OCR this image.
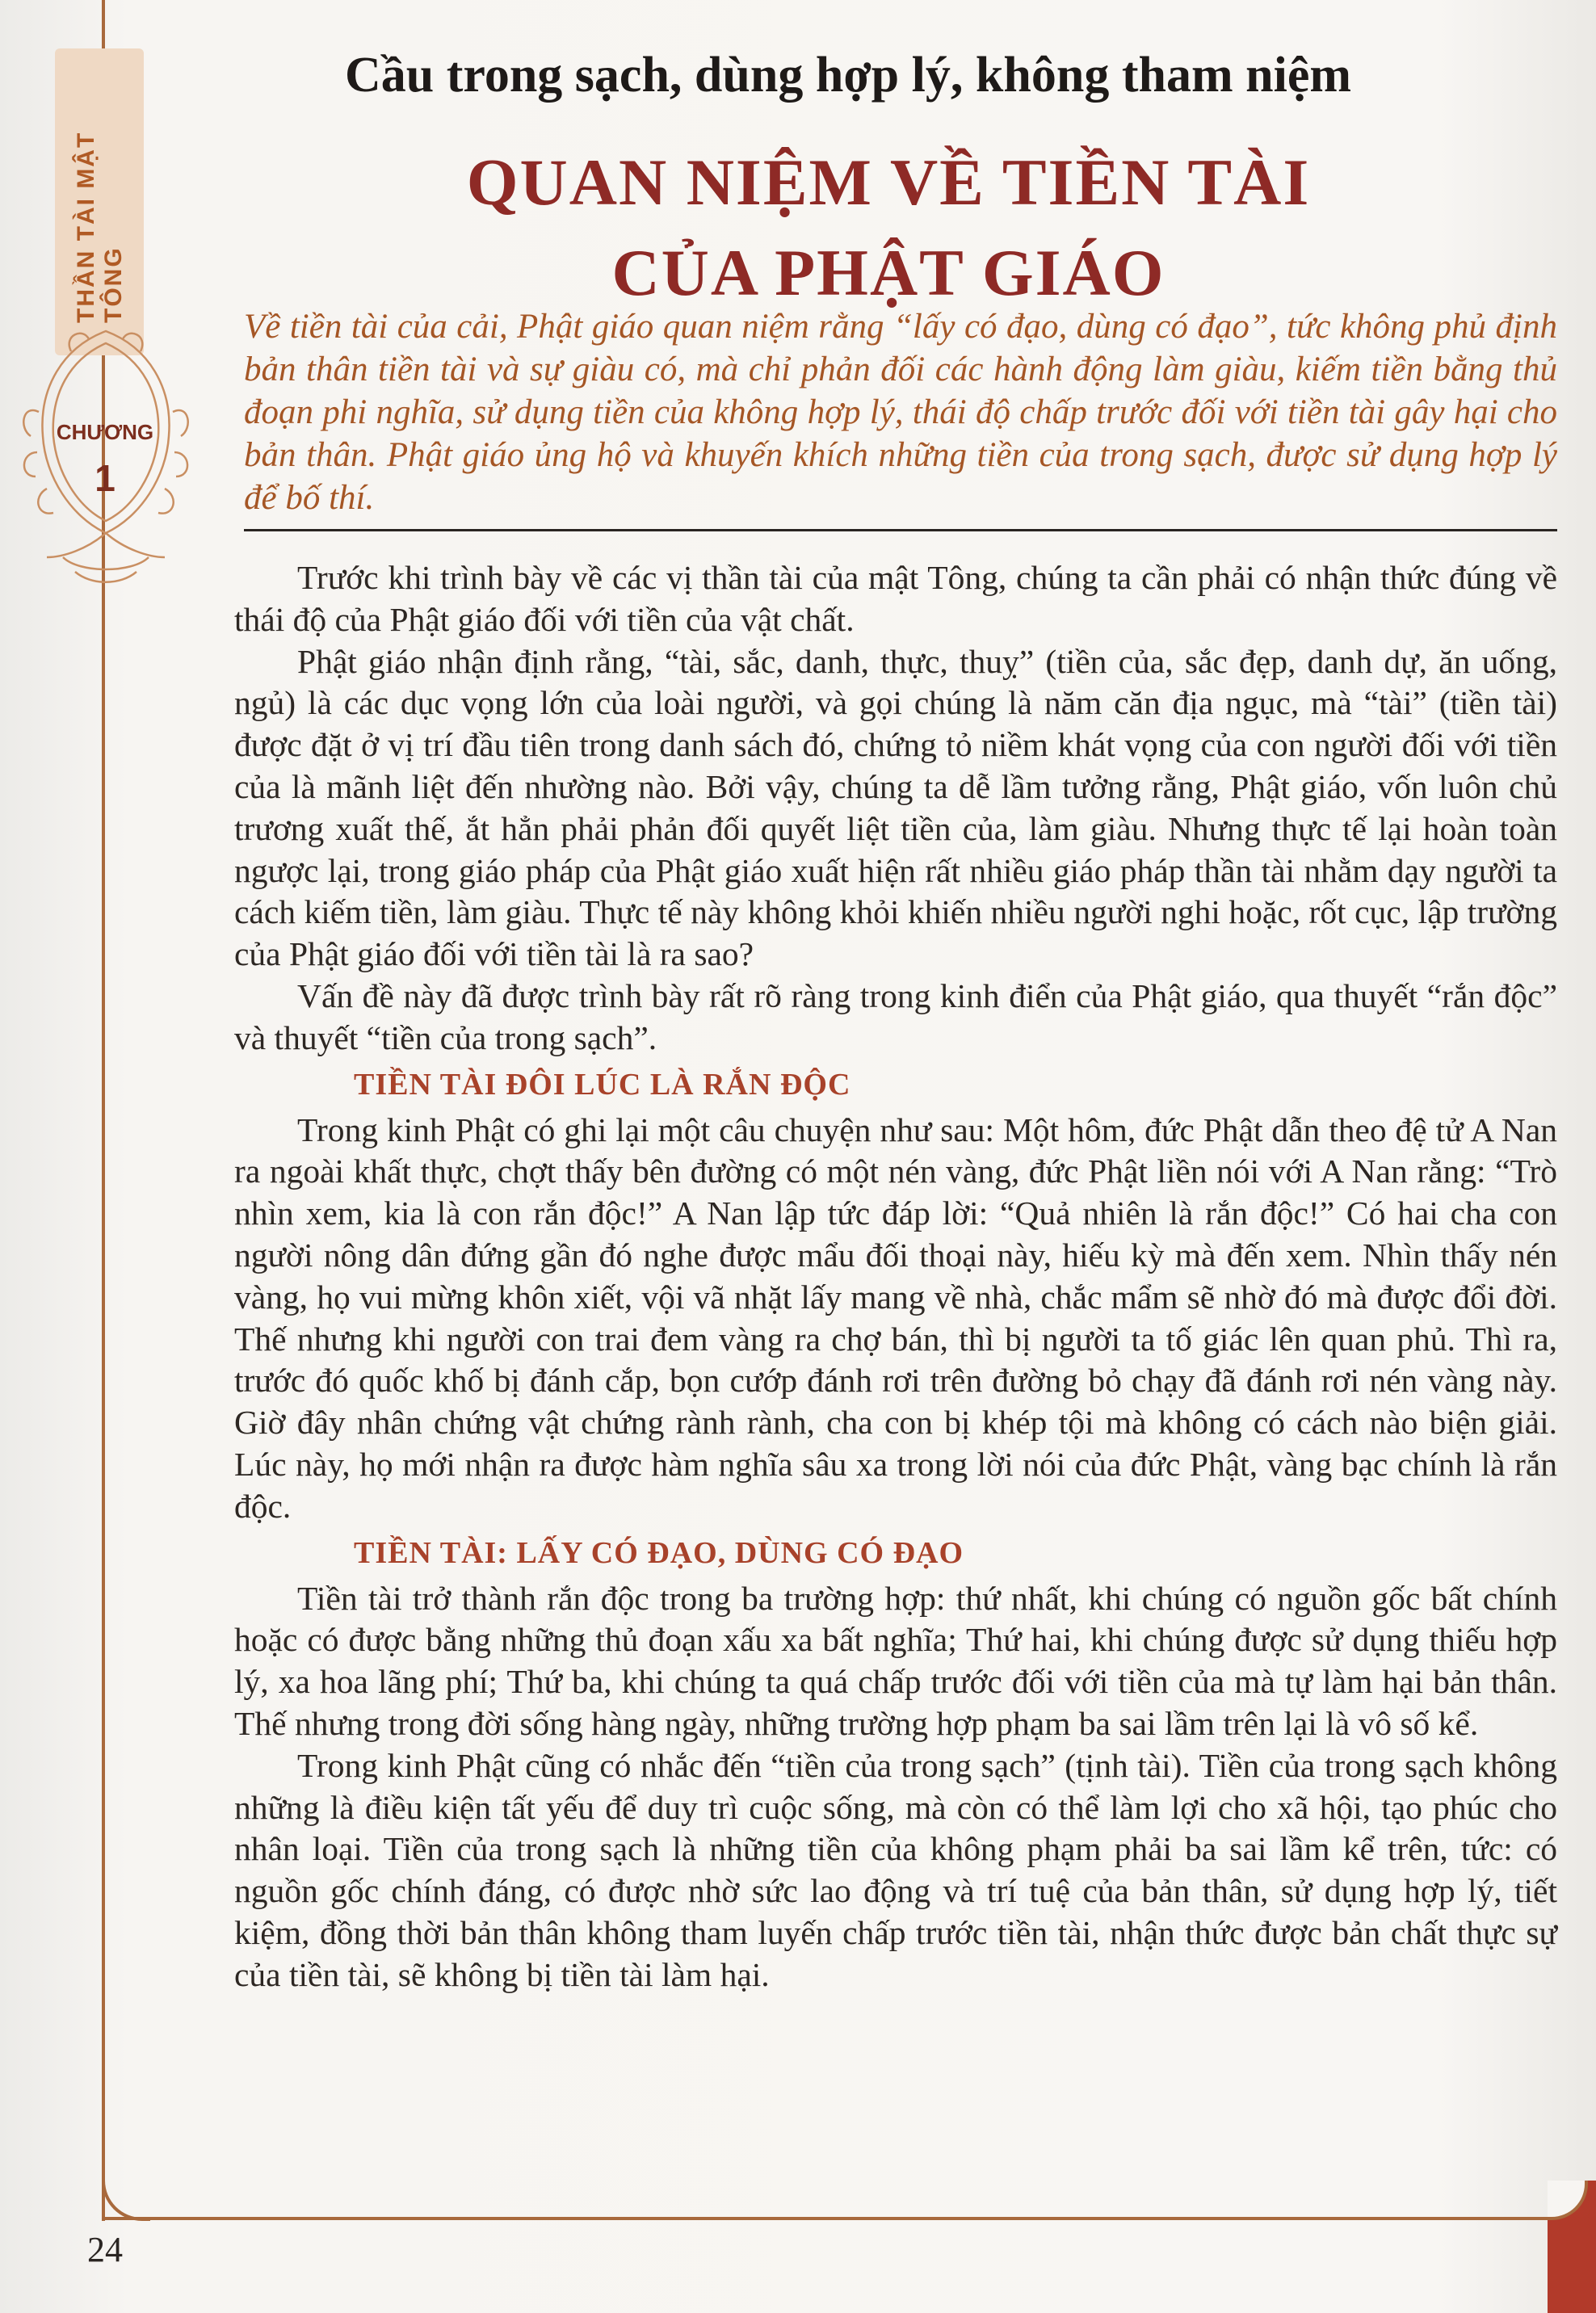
THẦN TÀI MẬT TÔNG
CHƯƠNG
1
Cầu trong sạch, dùng hợp lý, không tham niệm
QUAN NIỆM VỀ TIỀN TÀI
CỦA PHẬT GIÁO
Về tiền tài của cải, Phật giáo quan niệm rằng “lấy có đạo, dùng có đạo”, tức không phủ định bản thân tiền tài và sự giàu có, mà chỉ phản đối các hành động làm giàu, kiếm tiền bằng thủ đoạn phi nghĩa, sử dụng tiền của không hợp lý, thái độ chấp trước đối với tiền tài gây hại cho bản thân. Phật giáo ủng hộ và khuyến khích những tiền của trong sạch, được sử dụng hợp lý để bố thí.

Trước khi trình bày về các vị thần tài của mật Tông, chúng ta cần phải có nhận thức đúng về thái độ của Phật giáo đối với tiền của vật chất.

Phật giáo nhận định rằng, “tài, sắc, danh, thực, thuỵ” (tiền của, sắc đẹp, danh dự, ăn uống, ngủ) là các dục vọng lớn của loài người, và gọi chúng là năm căn địa ngục, mà “tài” (tiền tài) được đặt ở vị trí đầu tiên trong danh sách đó, chứng tỏ niềm khát vọng của con người đối với tiền của là mãnh liệt đến nhường nào. Bởi vậy, chúng ta dễ lầm tưởng rằng, Phật giáo, vốn luôn chủ trương xuất thế, ắt hẳn phải phản đối quyết liệt tiền của, làm giàu. Nhưng thực tế lại hoàn toàn ngược lại, trong giáo pháp của Phật giáo xuất hiện rất nhiều giáo pháp thần tài nhằm dạy người ta cách kiếm tiền, làm giàu. Thực tế này không khỏi khiến nhiều người nghi hoặc, rốt cục, lập trường của Phật giáo đối với tiền tài là ra sao?

Vấn đề này đã được trình bày rất rõ ràng trong kinh điển của Phật giáo, qua thuyết “rắn độc” và thuyết “tiền của trong sạch”.

TIỀN TÀI ĐÔI LÚC LÀ RẮN ĐỘC

Trong kinh Phật có ghi lại một câu chuyện như sau: Một hôm, đức Phật dẫn theo đệ tử A Nan ra ngoài khất thực, chợt thấy bên đường có một nén vàng, đức Phật liền nói với A Nan rằng: “Trò nhìn xem, kia là con rắn độc!” A Nan lập tức đáp lời: “Quả nhiên là rắn độc!” Có hai cha con người nông dân đứng gần đó nghe được mẩu đối thoại này, hiếu kỳ mà đến xem. Nhìn thấy nén vàng, họ vui mừng khôn xiết, vội vã nhặt lấy mang về nhà, chắc mẩm sẽ nhờ đó mà được đổi đời. Thế nhưng khi người con trai đem vàng ra chợ bán, thì bị người ta tố giác lên quan phủ. Thì ra, trước đó quốc khố bị đánh cắp, bọn cướp đánh rơi trên đường bỏ chạy đã đánh rơi nén vàng này. Giờ đây nhân chứng vật chứng rành rành, cha con bị khép tội mà không có cách nào biện giải. Lúc này, họ mới nhận ra được hàm nghĩa sâu xa trong lời nói của đức Phật, vàng bạc chính là rắn độc.

TIỀN TÀI: LẤY CÓ ĐẠO, DÙNG CÓ ĐẠO

Tiền tài trở thành rắn độc trong ba trường hợp: thứ nhất, khi chúng có nguồn gốc bất chính hoặc có được bằng những thủ đoạn xấu xa bất nghĩa; Thứ hai, khi chúng được sử dụng thiếu hợp lý, xa hoa lãng phí; Thứ ba, khi chúng ta quá chấp trước đối với tiền của mà tự làm hại bản thân. Thế nhưng trong đời sống hàng ngày, những trường hợp phạm ba sai lầm trên lại là vô số kể.

Trong kinh Phật cũng có nhắc đến “tiền của trong sạch” (tịnh tài). Tiền của trong sạch không những là điều kiện tất yếu để duy trì cuộc sống, mà còn có thể làm lợi cho xã hội, tạo phúc cho nhân loại. Tiền của trong sạch là những tiền của không phạm phải ba sai lầm kể trên, tức: có nguồn gốc chính đáng, có được nhờ sức lao động và trí tuệ của bản thân, sử dụng hợp lý, tiết kiệm, đồng thời bản thân không tham luyến chấp trước tiền tài, nhận thức được bản chất thực sự của tiền tài, sẽ không bị tiền tài làm hại.

24
